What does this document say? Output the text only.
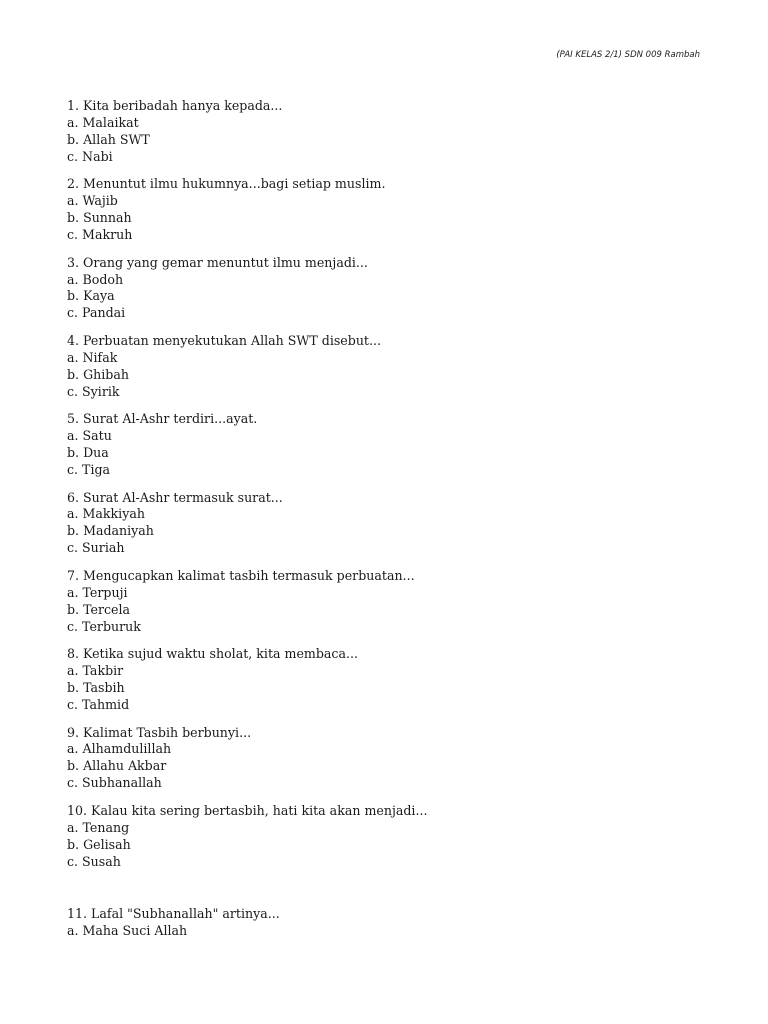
(PAI KELAS 2/1) SDN 009 Rambah
1. Kita beribadah hanya kepada...
a. Malaikat
b. Allah SWT
c. Nabi
2. Menuntut ilmu hukumnya...bagi setiap muslim.
a. Wajib
b. Sunnah
c. Makruh
3. Orang yang gemar menuntut ilmu menjadi...
a. Bodoh
b. Kaya
c. Pandai
4. Perbuatan menyekutukan Allah SWT disebut...
a. Nifak
b. Ghibah
c. Syirik
5. Surat Al-Ashr terdiri...ayat.
a. Satu
b. Dua
c. Tiga
6. Surat Al-Ashr termasuk surat...
a. Makkiyah
b. Madaniyah
c. Suriah
7. Mengucapkan kalimat tasbih termasuk perbuatan...
a. Terpuji
b. Tercela
c. Terburuk
8. Ketika sujud waktu sholat, kita membaca...
a. Takbir
b. Tasbih
c. Tahmid
9. Kalimat Tasbih berbunyi...
a. Alhamdulillah
b. Allahu Akbar
c. Subhanallah
10. Kalau kita sering bertasbih, hati kita akan menjadi...
a. Tenang
b. Gelisah
c. Susah
11. Lafal "Subhanallah" artinya...
a. Maha Suci Allah
